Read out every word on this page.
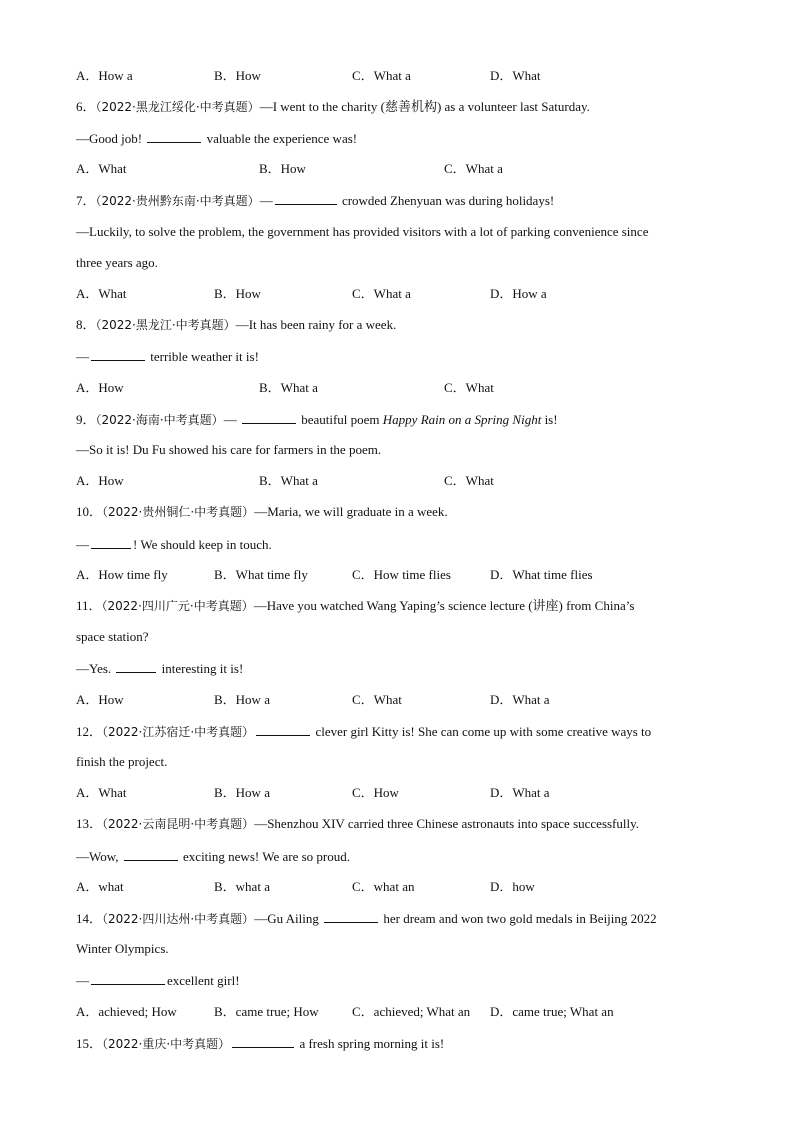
A．How a	B．How	C．What a	D．What
6．（2022·黑龙江绥化·中考真题）—I went to the charity (慈善机构) as a volunteer last Saturday.
—Good job!	valuable the experience was!
A．What	B．How	C．What a
7．（2022·贵州黔东南·中考真题）—	crowded Zhenyuan was during holidays!
—Luckily, to solve the problem, the government has provided visitors with a lot of parking convenience since
three years ago.
A．What	B．How	C．What a	D．How a
8．（2022·黑龙江·中考真题）—It has been rainy for a week.
—	terrible weather it is!
A．How	B．What a	C．What
9．（2022·海南·中考真题）—	beautiful poem Happy Rain on a Spring Night is!
—So it is! Du Fu showed his care for farmers in the poem.
A．How	B．What a	C．What
10．（2022·贵州铜仁·中考真题）—Maria, we will graduate in a week.
—	! We should keep in touch.
A．How time fly	B．What time fly	C．How time flies	D．What time flies
11．（2022·四川广元·中考真题）—Have you watched Wang Yaping’s science lecture (讲座) from China’s
space station?
—Yes.	interesting it is!
A．How	B．How a	C．What	D．What a
12．（2022·江苏宿迁·中考真题）	clever girl Kitty is! She can come up with some creative ways to
finish the project.
A．What	B．How a	C．How	D．What a
13．（2022·云南昆明·中考真题）—Shenzhou XIV carried three Chinese astronauts into space successfully.
—Wow,	exciting news! We are so proud.
A．what	B．what a	C．what an	D．how
14．（2022·四川达州·中考真题）—Gu Ailing	her dream and won two gold medals in Beijing 2022
Winter Olympics.
—	excellent girl!
A．achieved; How	B．came true; How	C．achieved; What an D．came true; What an
15．（2022·重庆·中考真题）	a fresh spring morning it is!
